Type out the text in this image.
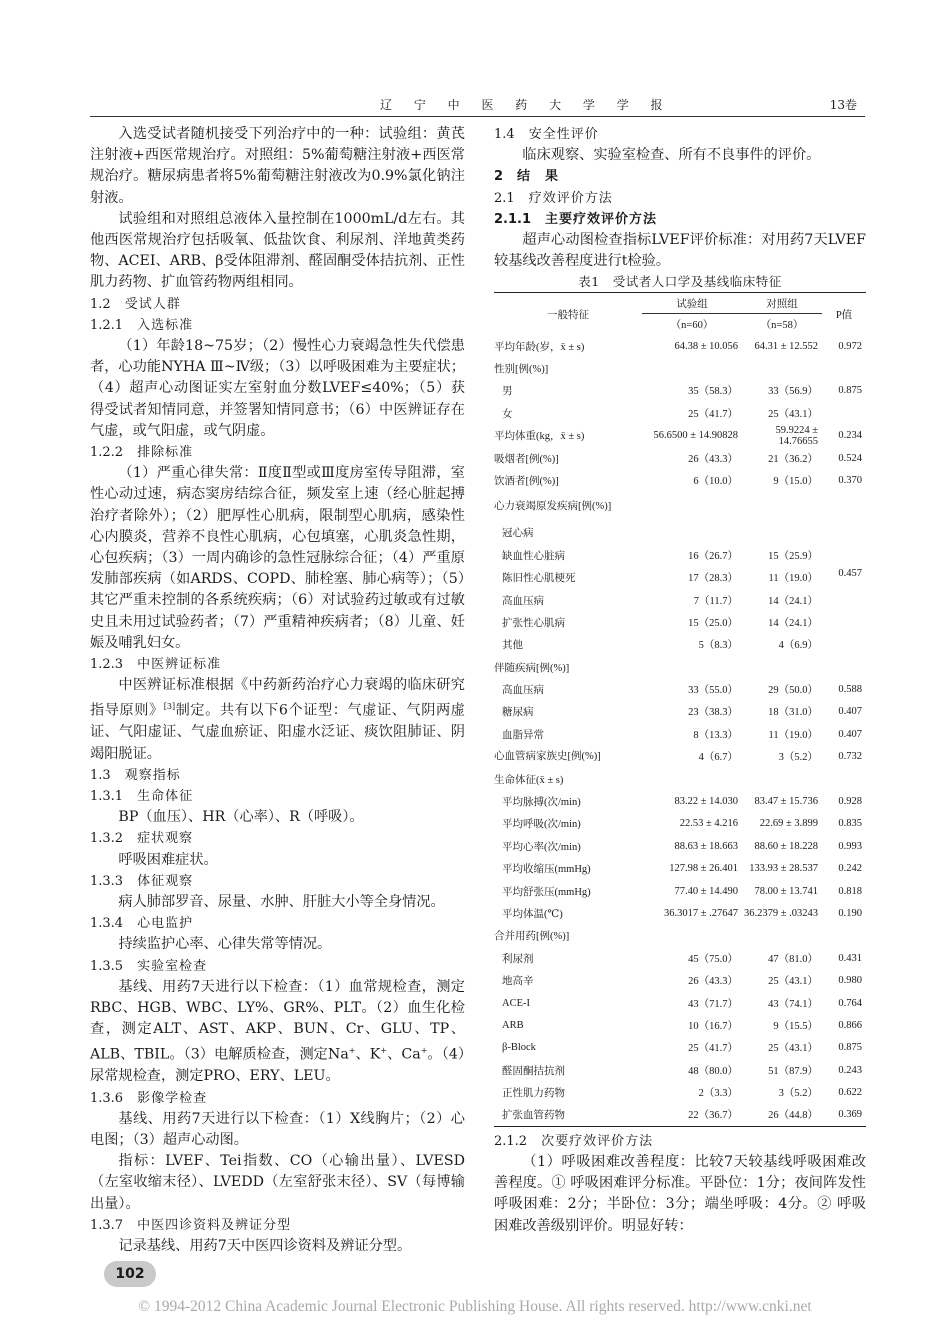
辽 宁 中 医 药 大 学 学 报	13卷

入选受试者随机接受下列治疗中的一种：试验组：黄芪注射液+西医常规治疗。对照组：5%葡萄糖注射液+西医常规治疗。糖尿病患者将5%葡萄糖注射液改为0.9%氯化钠注射液。

试验组和对照组总液体入量控制在1000mL/d左右。其他西医常规治疗包括吸氧、低盐饮食、利尿剂、洋地黄类药物、ACEI、ARB、β受体阻滞剂、醛固酮受体拮抗剂、正性肌力药物、扩血管药物两组相同。

1.2 受试人群
1.2.1 入选标准

（1）年龄18~75岁；（2）慢性心力衰竭急性失代偿患者，心功能NYHA Ⅲ~Ⅳ级；（3）以呼吸困难为主要症状；（4）超声心动图证实左室射血分数LVEF≤40%；（5）获得受试者知情同意，并签署知情同意书；（6）中医辨证存在气虚，或气阳虚，或气阴虚。

1.2.2 排除标准

（1）严重心律失常：Ⅱ度Ⅱ型或Ⅲ度房室传导阻滞，室性心动过速，病态窦房结综合征，频发室上速（经心脏起搏治疗者除外）；（2）肥厚性心肌病，限制型心肌病，感染性心内膜炎，营养不良性心肌病，心包填塞，心肌炎急性期，心包疾病；（3）一周内确诊的急性冠脉综合征；（4）严重原发肺部疾病（如ARDS、COPD、肺栓塞、肺心病等）；（5）其它严重未控制的各系统疾病；（6）对试验药过敏或有过敏史且未用过试验药者；（7）严重精神疾病者；（8）儿童、妊娠及哺乳妇女。

1.2.3 中医辨证标准

中医辨证标准根据《中药新药治疗心力衰竭的临床研究指导原则》[3]制定。共有以下6个证型：气虚证、气阴两虚证、气阳虚证、气虚血瘀证、阳虚水泛证、痰饮阻肺证、阴竭阳脱证。

1.3 观察指标
1.3.1 生命体征

BP（血压）、HR（心率）、R（呼吸）。

1.3.2 症状观察

呼吸困难症状。

1.3.3 体征观察

病人肺部罗音、尿量、水肿、肝脏大小等全身情况。

1.3.4 心电监护

持续监护心率、心律失常等情况。

1.3.5 实验室检查

基线、用药7天进行以下检查：（1）血常规检查，测定RBC、HGB、WBC、LY%、GR%、PLT。（2）血生化检查，测定ALT、AST、AKP、BUN、Cr、GLU、TP、ALB、TBIL。（3）电解质检查，测定Na+、K+、Ca+。（4）尿常规检查，测定PRO、ERY、LEU。

1.3.6 影像学检查

基线、用药7天进行以下检查：（1）X线胸片；（2）心电图；（3）超声心动图。

指标：LVEF、Tei指数、CO（心输出量）、LVESD（左室收缩末径）、LVEDD（左室舒张末径）、SV（每博输出量）。

1.3.7 中医四诊资料及辨证分型

记录基线、用药7天中医四诊资料及辨证分型。

1.4 安全性评价

临床观察、实验室检查、所有不良事件的评价。

2 结　果
2.1 疗效评价方法
2.1.1 主要疗效评价方法

超声心动图检查指标LVEF评价标准：对用药7天LVEF较基线改善程度进行t检验。

表1　受试者人口学及基线临床特征
一般特征	试验组	对照组	P值
	（n=60）	（n=58）	
平均年龄(岁，x̄ ± s)	64.38 ± 10.056	64.31 ± 12.552	0.972
性别[例(%)]			
男	35（58.3）	33（56.9）	0.875
女	25（41.7）	25（43.1）	
平均体重(kg，x̄ ± s)	56.6500 ± 14.90828	59.9224 ± 14.76655	0.234
吸烟者[例(%)]	26（43.3）	21（36.2）	0.524
饮酒者[例(%)]	6（10.0）	9（15.0）	0.370
心力衰竭原发疾病[例(%)]			0.457
冠心病			
缺血性心脏病	16（26.7）	15（25.9）	
陈旧性心肌梗死	17（28.3）	11（19.0）	
高血压病	7（11.7）	14（24.1）	
扩张性心肌病	15（25.0）	14（24.1）	
其他	5（8.3）	4（6.9）	
伴随疾病[例(%)]			
高血压病	33（55.0）	29（50.0）	0.588
糖尿病	23（38.3）	18（31.0）	0.407
血脂异常	8（13.3）	11（19.0）	0.407
心血管病家族史[例(%)]	4（6.7）	3（5.2）	0.732
生命体征(x̄ ± s)			
平均脉搏(次/min)	83.22 ± 14.030	83.47 ± 15.736	0.928
平均呼吸(次/min)	22.53 ± 4.216	22.69 ± 3.899	0.835
平均心率(次/min)	88.63 ± 18.663	88.60 ± 18.228	0.993
平均收缩压(mmHg)	127.98 ± 26.401	133.93 ± 28.537	0.242
平均舒张压(mmHg)	77.40 ± 14.490	78.00 ± 13.741	0.818
平均体温(℃)	36.3017 ± .27647	36.2379 ± .03243	0.190
合并用药[例(%)]			
利尿剂	45（75.0）	47（81.0）	0.431
地高辛	26（43.3）	25（43.1）	0.980
ACE-I	43（71.7）	43（74.1）	0.764
ARB	10（16.7）	9（15.5）	0.866
β-Block	25（41.7）	25（43.1）	0.875
醛固酮拮抗剂	48（80.0）	51（87.9）	0.243
正性肌力药物	2（3.3）	3（5.2）	0.622
扩张血管药物	22（36.7）	26（44.8）	0.369
2.1.2 次要疗效评价方法

（1）呼吸困难改善程度：比较7天较基线呼吸困难改善程度。① 呼吸困难评分标准。平卧位：1分；夜间阵发性呼吸困难：2分；半卧位：3分；端坐呼吸：4分。② 呼吸困难改善级别评价。明显好转：

102
© 1994-2012 China Academic Journal Electronic Publishing House. All rights reserved. http://www.cnki.net
